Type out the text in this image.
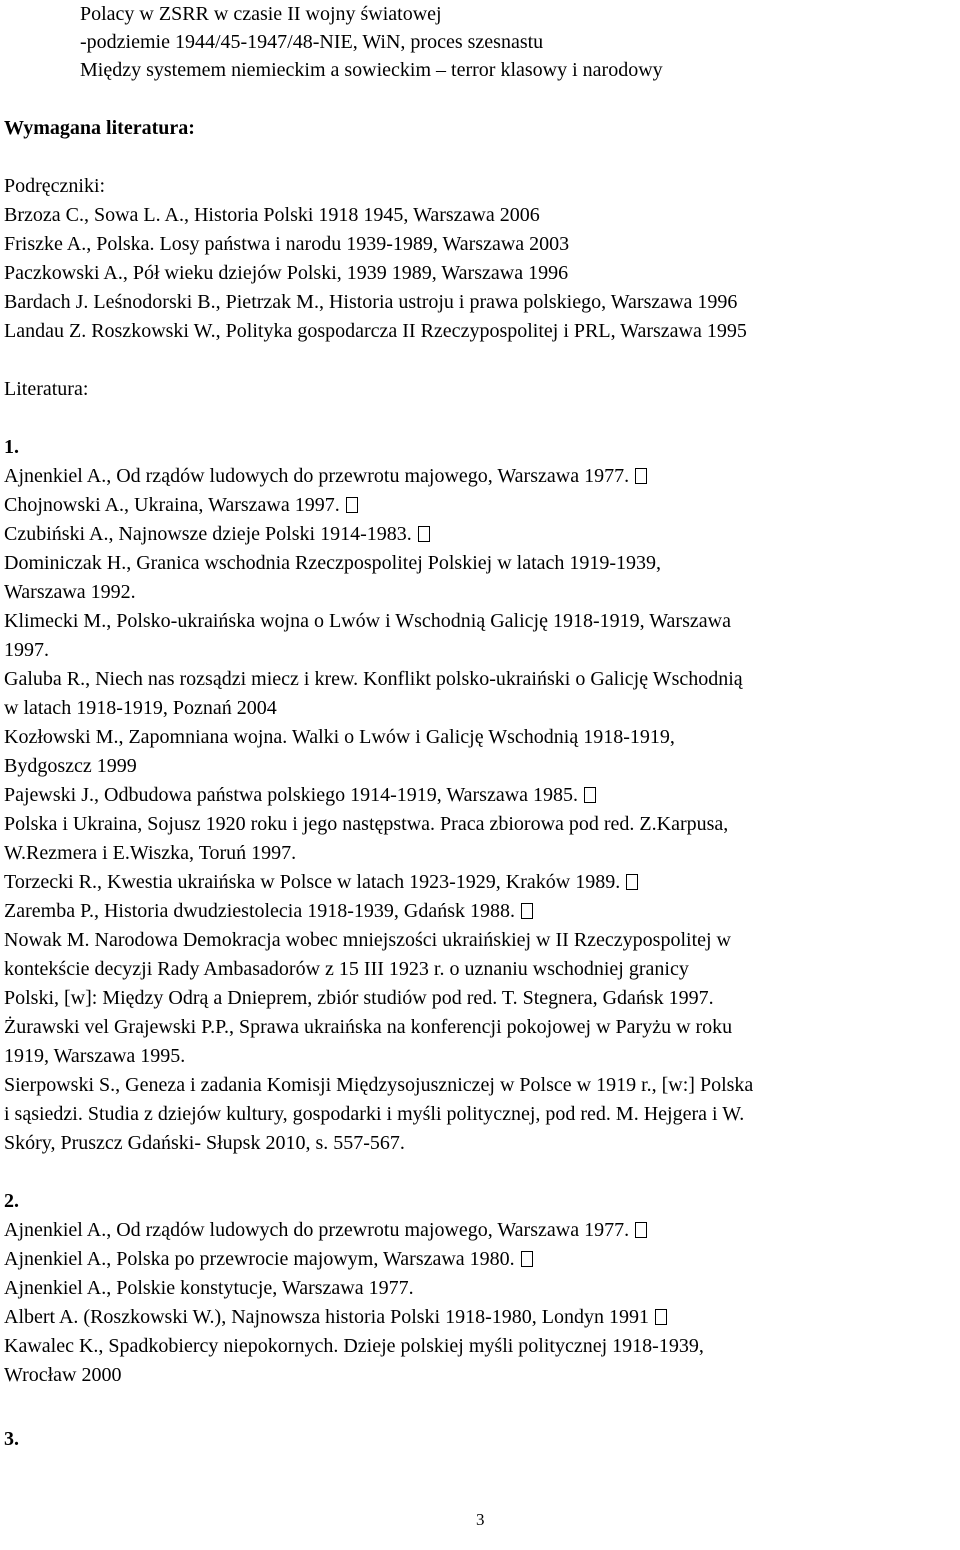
Polacy w ZSRR w czasie II wojny światowej
-podziemie 1944/45-1947/48-NIE, WiN, proces szesnastu
Między systemem niemieckim a sowieckim – terror klasowy i narodowy
Wymagana literatura:
Podręczniki:
Brzoza C., Sowa L. A., Historia Polski 1918 1945, Warszawa 2006
Friszke A., Polska. Losy państwa i narodu 1939-1989, Warszawa 2003
Paczkowski A., Pół wieku dziejów Polski, 1939 1989, Warszawa 1996
Bardach J. Leśnodorski B., Pietrzak M., Historia ustroju i prawa polskiego, Warszawa 1996
Landau Z. Roszkowski W., Polityka gospodarcza II Rzeczypospolitej i PRL, Warszawa 1995
Literatura:
1.
Ajnenkiel A., Od rządów ludowych do przewrotu majowego, Warszawa 1977.
Chojnowski A., Ukraina, Warszawa 1997.
Czubiński A., Najnowsze dzieje Polski 1914-1983.
Dominiczak H., Granica wschodnia Rzeczpospolitej Polskiej w latach 1919-1939,
Warszawa 1992.
Klimecki M., Polsko-ukraińska wojna o Lwów i Wschodnią Galicję 1918-1919, Warszawa
1997.
Galuba R., Niech nas rozsądzi miecz i krew. Konflikt polsko-ukraiński o Galicję Wschodnią
w latach 1918-1919, Poznań 2004
Kozłowski M., Zapomniana wojna. Walki o Lwów i Galicję Wschodnią 1918-1919,
Bydgoszcz 1999
Pajewski J., Odbudowa państwa polskiego 1914-1919, Warszawa 1985.
Polska i Ukraina, Sojusz 1920 roku i jego następstwa. Praca zbiorowa pod red. Z.Karpusa,
W.Rezmera i E.Wiszka, Toruń 1997.
Torzecki R., Kwestia ukraińska w Polsce w latach 1923-1929, Kraków 1989.
Zaremba P., Historia dwudziestolecia 1918-1939, Gdańsk 1988.
Nowak M. Narodowa Demokracja wobec mniejszości ukraińskiej w II Rzeczypospolitej w
kontekście decyzji Rady Ambasadorów z 15 III 1923 r. o uznaniu wschodniej granicy
Polski, [w]: Między Odrą a Dnieprem, zbiór studiów pod red. T. Stegnera, Gdańsk 1997.
Żurawski vel Grajewski P.P., Sprawa ukraińska na konferencji pokojowej w Paryżu w roku
1919, Warszawa 1995.
Sierpowski S., Geneza i zadania Komisji Międzysojuszniczej w Polsce w 1919 r., [w:] Polska
i sąsiedzi. Studia z dziejów kultury, gospodarki i myśli politycznej, pod red. M. Hejgera i W.
Skóry, Pruszcz Gdański- Słupsk 2010, s. 557-567.
2.
Ajnenkiel A., Od rządów ludowych do przewrotu majowego, Warszawa 1977.
Ajnenkiel A., Polska po przewrocie majowym, Warszawa 1980.
Ajnenkiel A., Polskie konstytucje, Warszawa 1977.
Albert A. (Roszkowski W.), Najnowsza historia Polski 1918-1980, Londyn 1991
Kawalec K., Spadkobiercy niepokornych. Dzieje polskiej myśli politycznej 1918-1939,
Wrocław 2000
3.
3
